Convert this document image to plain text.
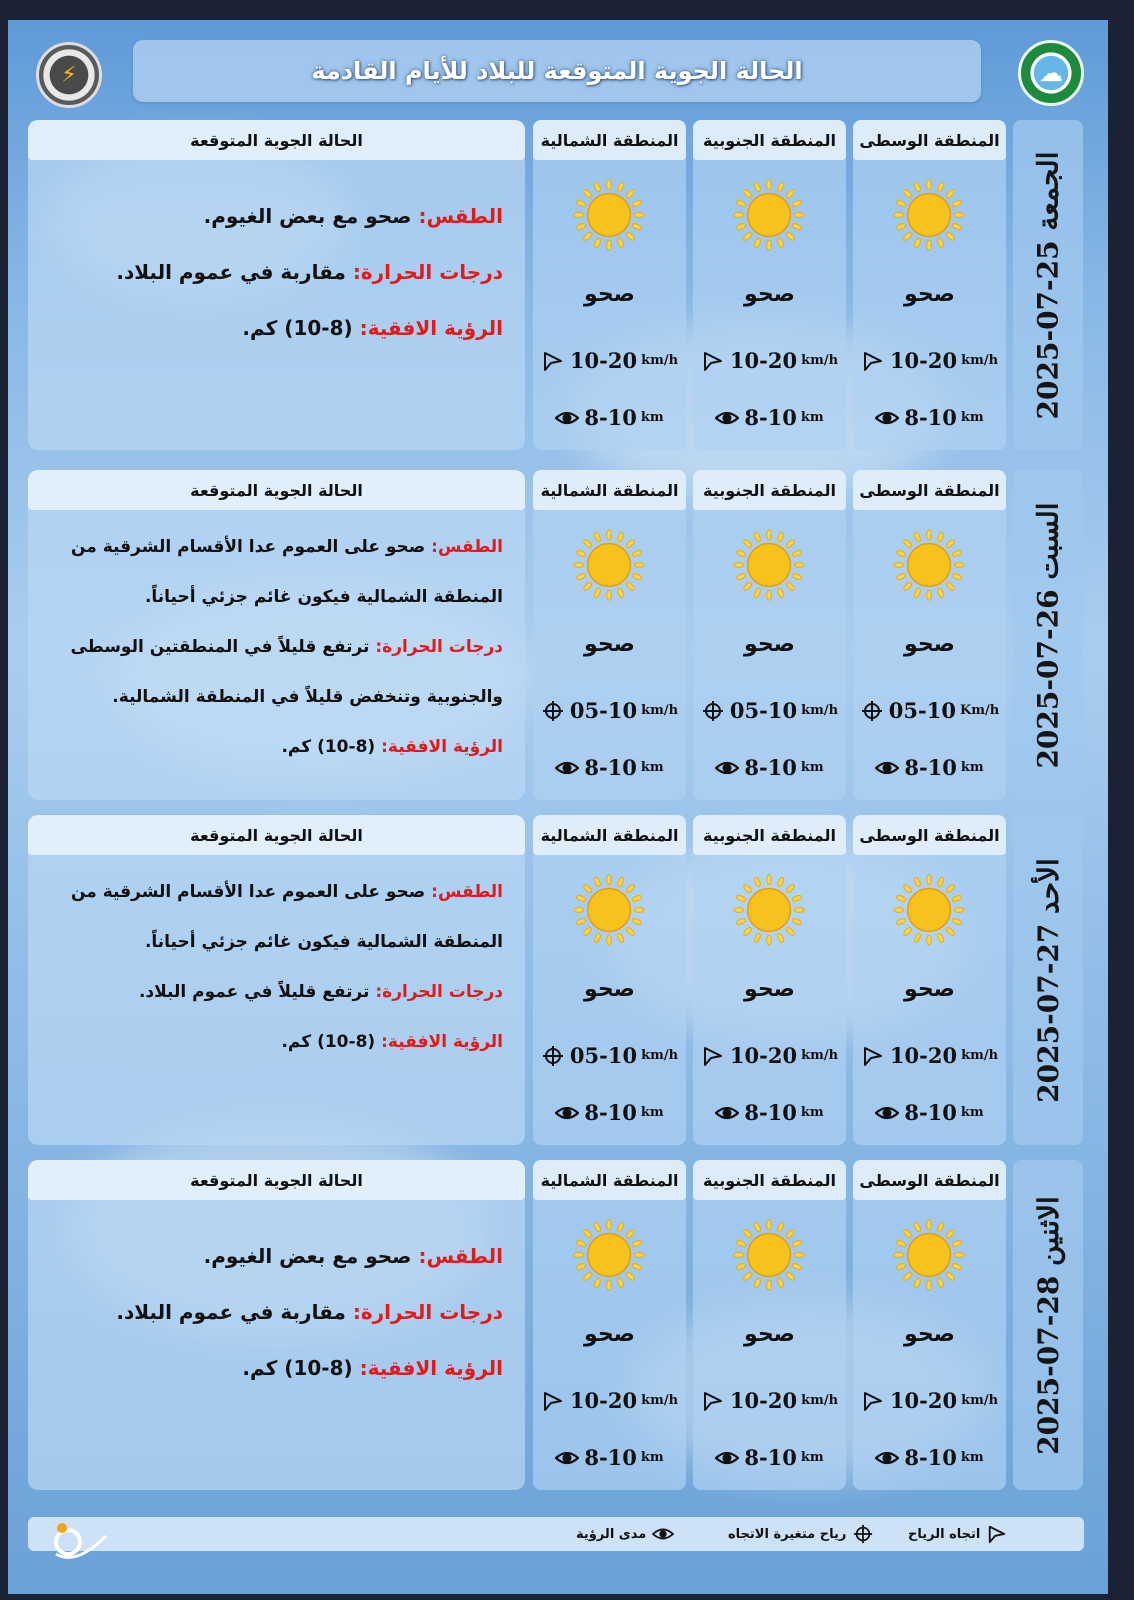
⚡	☁
الحالة الجوية المتوقعة للبلاد للأيام القادمة
الجمعة 25-07-2025
المنطقة الوسطى
صحو
10-20 km/h
8-10 km
المنطقة الجنوبية
صحو
10-20 km/h
8-10 km
المنطقة الشمالية
صحو
10-20 km/h
8-10 km
الحالة الجوية المتوقعة

الطقس: صحو مع بعض الغيوم.

درجات الحرارة: مقاربة في عموم البلاد.

الرؤية الافقية: (8-10) كم.

السبت 26-07-2025
المنطقة الوسطى
صحو
05-10 Km/h
8-10 km
المنطقة الجنوبية
صحو
05-10 km/h
8-10 km
المنطقة الشمالية
صحو
05-10 km/h
8-10 km
الحالة الجوية المتوقعة

الطقس: صحو على العموم عدا الأقسام الشرقية من المنطقة الشمالية فيكون غائم جزئي أحياناً.

درجات الحرارة: ترتفع قليلاً في المنطقتين الوسطى والجنوبية وتنخفض قليلاً في المنطقة الشمالية.

الرؤية الافقية: (8-10) كم.

الأحد 27-07-2025
المنطقة الوسطى
صحو
10-20 km/h
8-10 km
المنطقة الجنوبية
صحو
10-20 km/h
8-10 km
المنطقة الشمالية
صحو
05-10 km/h
8-10 km
الحالة الجوية المتوقعة

الطقس: صحو على العموم عدا الأقسام الشرقية من المنطقة الشمالية فيكون غائم جزئي أحياناً.

درجات الحرارة: ترتفع قليلاً في عموم البلاد.

الرؤية الافقية: (8-10) كم.

الاثنين 28-07-2025
المنطقة الوسطى
صحو
10-20 km/h
8-10 km
المنطقة الجنوبية
صحو
10-20 km/h
8-10 km
المنطقة الشمالية
صحو
10-20 km/h
8-10 km
الحالة الجوية المتوقعة

الطقس: صحو مع بعض الغيوم.

درجات الحرارة: مقاربة في عموم البلاد.

الرؤية الافقية: (8-10) كم.

اتجاه الرياح
رياح متغيرة الاتجاه
مدى الرؤية
